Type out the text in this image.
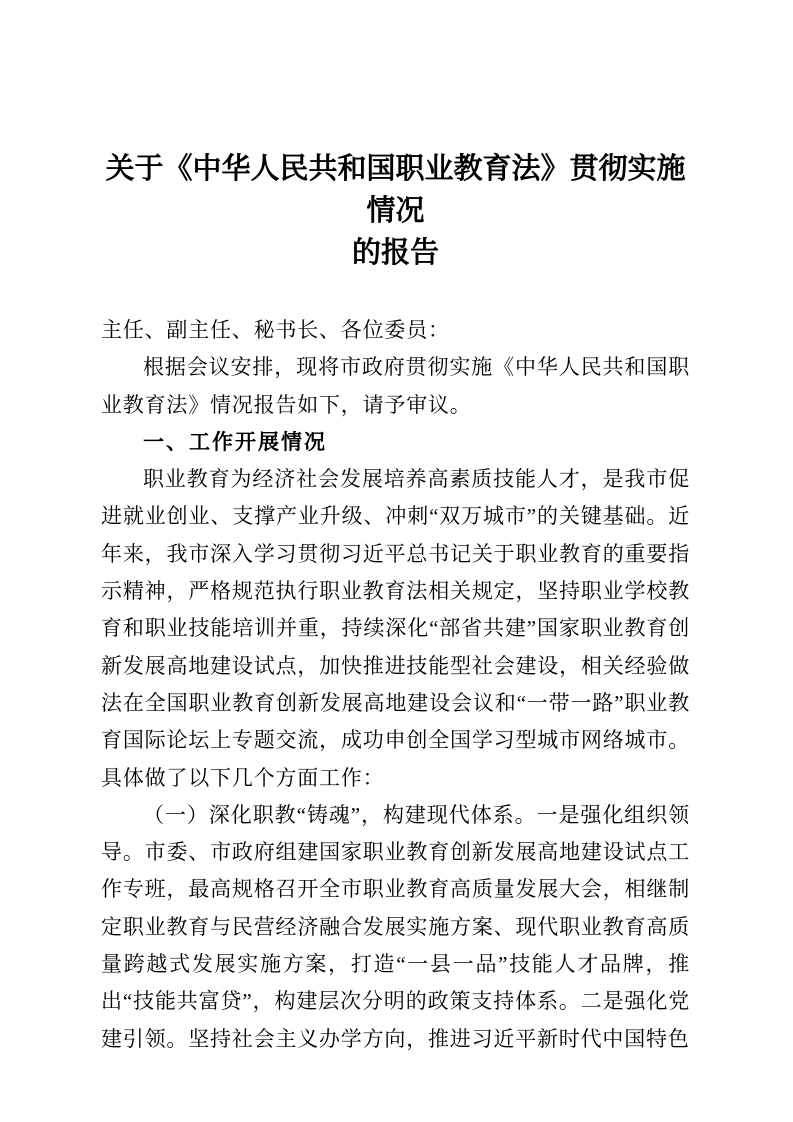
关于《中华人民共和国职业教育法》贯彻实施情况
的报告

主任、副主任、秘书长、各位委员：

根据会议安排，现将市政府贯彻实施《中华人民共和国职业教育法》情况报告如下，请予审议。

一、工作开展情况

职业教育为经济社会发展培养高素质技能人才，是我市促进就业创业、支撑产业升级、冲刺“双万城市”的关键基础。近年来，我市深入学习贯彻习近平总书记关于职业教育的重要指示精神，严格规范执行职业教育法相关规定，坚持职业学校教育和职业技能培训并重，持续深化“部省共建”国家职业教育创新发展高地建设试点，加快推进技能型社会建设，相关经验做法在全国职业教育创新发展高地建设会议和“一带一路”职业教育国际论坛上专题交流，成功申创全国学习型城市网络城市。具体做了以下几个方面工作：

（一）深化职教“铸魂”，构建现代体系。一是强化组织领导。市委、市政府组建国家职业教育创新发展高地建设试点工作专班，最高规格召开全市职业教育高质量发展大会，相继制定职业教育与民营经济融合发展实施方案、现代职业教育高质量跨越式发展实施方案，打造“一县一品”技能人才品牌，推出“技能共富贷”，构建层次分明的政策支持体系。二是强化党建引领。坚持社会主义办学方向，推进习近平新时代中国特色
